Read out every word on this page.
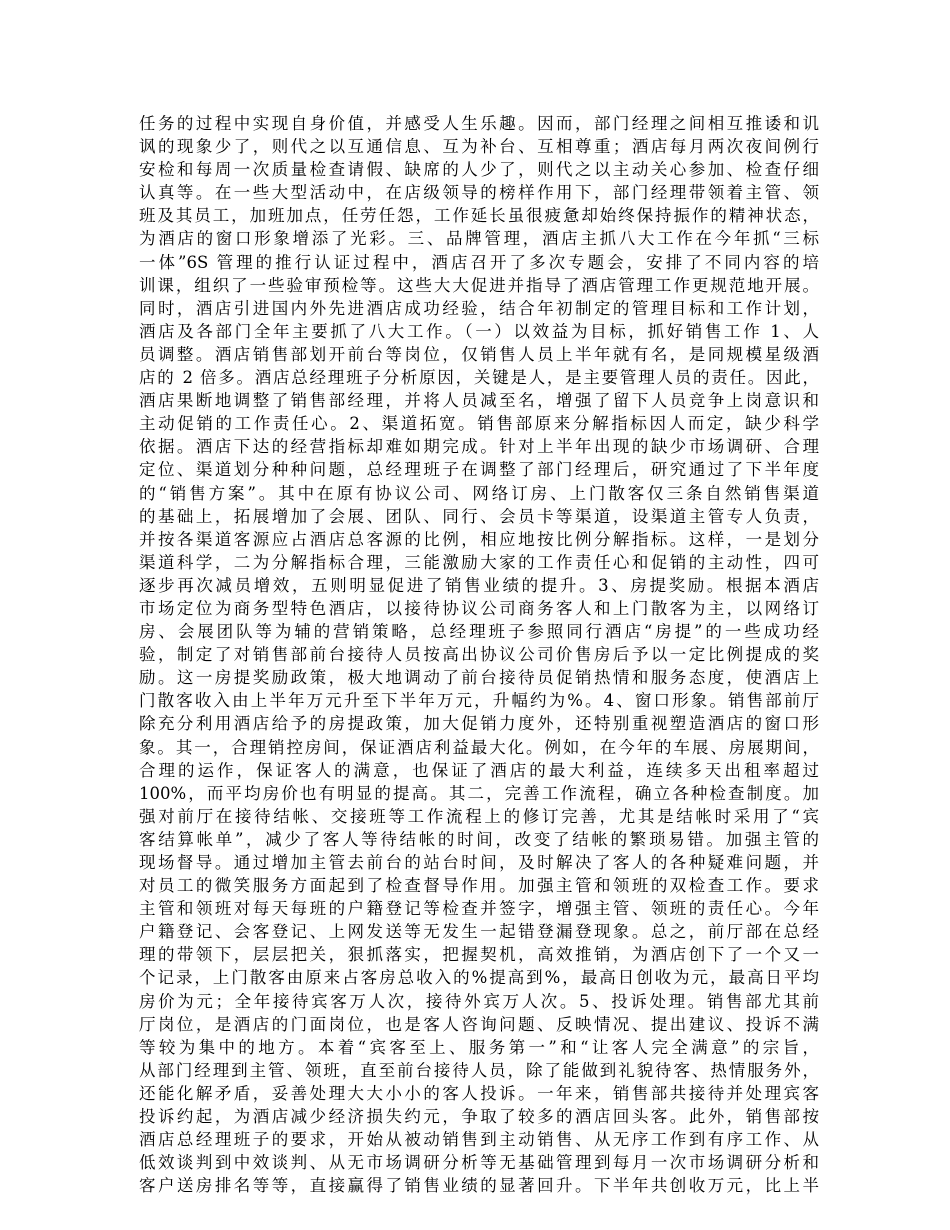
任务的过程中实现自身价值，并感受人生乐趣。因而，部门经理之间相互推诿和讥
讽的现象少了，则代之以互通信息、互为补台、互相尊重；酒店每月两次夜间例行
安检和每周一次质量检查请假、缺席的人少了，则代之以主动关心参加、检查仔细
认真等。在一些大型活动中，在店级领导的榜样作用下，部门经理带领着主管、领
班及其员工，加班加点，任劳任怨，工作延长虽很疲惫却始终保持振作的精神状态，
为酒店的窗口形象增添了光彩。三、品牌管理，酒店主抓八大工作在今年抓“三标
一体”6S 管理的推行认证过程中，酒店召开了多次专题会，安排了不同内容的培
训课，组织了一些验审预检等。这些大大促进并指导了酒店管理工作更规范地开展。
同时，酒店引进国内外先进酒店成功经验，结合年初制定的管理目标和工作计划，
酒店及各部门全年主要抓了八大工作。（一）以效益为目标，抓好销售工作 1、人
员调整。酒店销售部划开前台等岗位，仅销售人员上半年就有名，是同规模星级酒
店的 2 倍多。酒店总经理班子分析原因，关键是人，是主要管理人员的责任。因此，
酒店果断地调整了销售部经理，并将人员减至名，增强了留下人员竞争上岗意识和
主动促销的工作责任心。2、渠道拓宽。销售部原来分解指标因人而定，缺少科学
依据。酒店下达的经营指标却难如期完成。针对上半年出现的缺少市场调研、合理
定位、渠道划分种种问题，总经理班子在调整了部门经理后，研究通过了下半年度
的“销售方案”。其中在原有协议公司、网络订房、上门散客仅三条自然销售渠道
的基础上，拓展增加了会展、团队、同行、会员卡等渠道，设渠道主管专人负责，
并按各渠道客源应占酒店总客源的比例，相应地按比例分解指标。这样，一是划分
渠道科学，二为分解指标合理，三能激励大家的工作责任心和促销的主动性，四可
逐步再次减员增效，五则明显促进了销售业绩的提升。3、房提奖励。根据本酒店
市场定位为商务型特色酒店，以接待协议公司商务客人和上门散客为主，以网络订
房、会展团队等为辅的营销策略，总经理班子参照同行酒店“房提”的一些成功经
验，制定了对销售部前台接待人员按高出协议公司价售房后予以一定比例提成的奖
励。这一房提奖励政策，极大地调动了前台接待员促销热情和服务态度，使酒店上
门散客收入由上半年万元升至下半年万元，升幅约为%。4、窗口形象。销售部前厅
除充分利用酒店给予的房提政策，加大促销力度外，还特别重视塑造酒店的窗口形
象。其一，合理销控房间，保证酒店利益最大化。例如，在今年的车展、房展期间，
合理的运作，保证客人的满意，也保证了酒店的最大利益，连续多天出租率超过
100%，而平均房价也有明显的提高。其二，完善工作流程，确立各种检查制度。加
强对前厅在接待结帐、交接班等工作流程上的修订完善，尤其是结帐时采用了“宾
客结算帐单”，减少了客人等待结帐的时间，改变了结帐的繁琐易错。加强主管的
现场督导。通过增加主管去前台的站台时间，及时解决了客人的各种疑难问题，并
对员工的微笑服务方面起到了检查督导作用。加强主管和领班的双检查工作。要求
主管和领班对每天每班的户籍登记等检查并签字，增强主管、领班的责任心。今年
户籍登记、会客登记、上网发送等无发生一起错登漏登现象。总之，前厅部在总经
理的带领下，层层把关，狠抓落实，把握契机，高效推销，为酒店创下了一个又一
个记录，上门散客由原来占客房总收入的%提高到%，最高日创收为元，最高日平均
房价为元；全年接待宾客万人次，接待外宾万人次。5、投诉处理。销售部尤其前
厅岗位，是酒店的门面岗位，也是客人咨询问题、反映情况、提出建议、投诉不满
等较为集中的地方。本着“宾客至上、服务第一”和“让客人完全满意”的宗旨，
从部门经理到主管、领班，直至前台接待人员，除了能做到礼貌待客、热情服务外，
还能化解矛盾，妥善处理大大小小的客人投诉。一年来，销售部共接待并处理宾客
投诉约起，为酒店减少经济损失约元，争取了较多的酒店回头客。此外，销售部按
酒店总经理班子的要求，开始从被动销售到主动销售、从无序工作到有序工作、从
低效谈判到中效谈判、从无市场调研分析等无基础管理到每月一次市场调研分析和
客户送房排名等等，直接赢得了销售业绩的显著回升。下半年共创收万元，比上半
